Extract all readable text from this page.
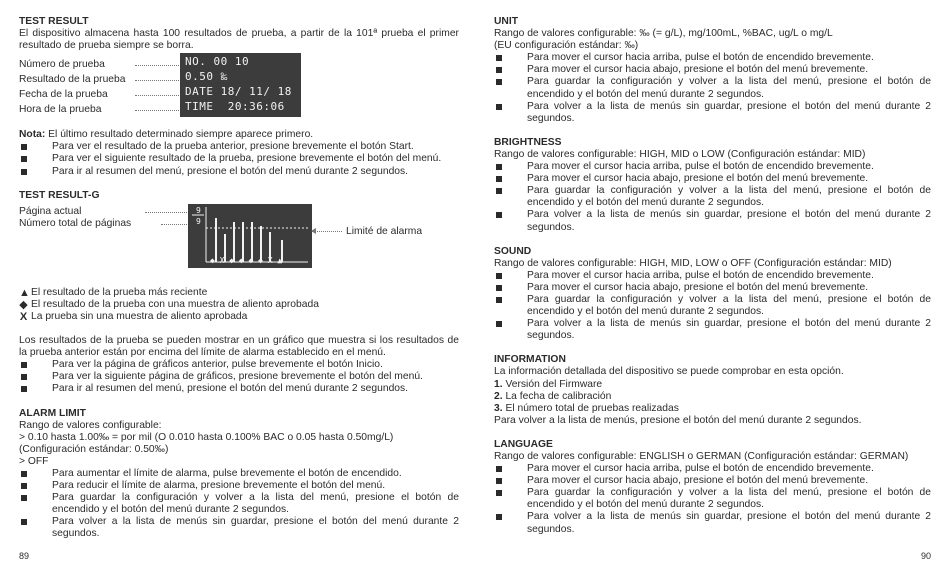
TEST RESULT

El dispositivo almacena hasta 100 resultados de prueba, a partir de la 101ª prueba el primer resultado de prueba siempre se borra.

Número de prueba
Resultado de la prueba
Fecha de la prueba
Hora de la prueba
NO. 00 10
0.50 ‰
DATE 18/ 11/ 18
TIME  20:36:06

Nota: El último resultado determinado siempre aparece primero.

Para ver el resultado de la prueba anterior, presione brevemente el botón Start.
Para ver el siguiente resultado de la prueba, presione brevemente el botón del menú.
Para ir al resumen del menú, presione el botón del menú durante 2 segundos.
TEST RESULT-G
Página actual
Número total de páginas
9
9
◆ X ◆ ◆ ◆ ◆ X ▲
Limité de alarma
▲ El resultado de la prueba más reciente
◆ El resultado de la prueba con una muestra de aliento aprobada
X La prueba sin una muestra de aliento aprobada

Los resultados de la prueba se pueden mostrar en un gráfico que muestra si los resultados de la prueba anterior están por encima del límite de alarma establecido en el menú.

Para ver la página de gráficos anterior, pulse brevemente el botón Inicio.
Para ver la siguiente página de gráficos, presione brevemente el botón del menú.
Para ir al resumen del menú, presione el botón del menú durante 2 segundos.
ALARM LIMIT

Rango de valores configurable:

> 0.10 hasta 1.00‰ = por mil (O 0.010 hasta 0.100% BAC o 0.05 hasta 0.50mg/L)

(Configuración estándar: 0.50‰)

> OFF

Para aumentar el límite de alarma, pulse brevemente el botón de encendido.
Para reducir el límite de alarma, presione brevemente el botón del menú.
Para guardar la configuración y volver a la lista del menú, presione el botón de encendido y el botón del menú durante 2 segundos.
Para volver a la lista de menús sin guardar, presione el botón del menú durante 2 segundos.
UNIT

Rango de valores configurable: ‰ (= g/L), mg/100mL, %BAC, ug/L o mg/L

(EU configuración estándar: ‰)

Para mover el cursor hacia arriba, pulse el botón de encendido brevemente.
Para mover el cursor hacia abajo, presione el botón del menú brevemente.
Para guardar la configuración y volver a la lista del menú, presione el botón de encendido y el botón del menú durante 2 segundos.
Para volver a la lista de menús sin guardar, presione el botón del menú durante 2 segundos.
BRIGHTNESS

Rango de valores configurable: HIGH, MID o LOW (Configuración estándar: MID)

Para mover el cursor hacia arriba, pulse el botón de encendido brevemente.
Para mover el cursor hacia abajo, presione el botón del menú brevemente.
Para guardar la configuración y volver a la lista del menú, presione el botón de encendido y el botón del menú durante 2 segundos.
Para volver a la lista de menús sin guardar, presione el botón del menú durante 2 segundos.
SOUND

Rango de valores configurable: HIGH, MID, LOW o OFF (Configuración estándar: MID)

Para mover el cursor hacia arriba, pulse el botón de encendido brevemente.
Para mover el cursor hacia abajo, presione el botón del menú brevemente.
Para guardar la configuración y volver a la lista del menú, presione el botón de encendido y el botón del menú durante 2 segundos.
Para volver a la lista de menús sin guardar, presione el botón del menú durante 2 segundos.
INFORMATION

La información detallada del dispositivo se puede comprobar en esta opción.

1. Versión del Firmware

2. La fecha de calibración

3. El número total de pruebas realizadas

Para volver a la lista de menús, presione el botón del menú durante 2 segundos.

LANGUAGE

Rango de valores configurable: ENGLISH o GERMAN (Configuración estándar: GERMAN)

Para mover el cursor hacia arriba, pulse el botón de encendido brevemente.
Para mover el cursor hacia abajo, presione el botón del menú brevemente.
Para guardar la configuración y volver a la lista del menú, presione el botón de encendido y el botón del menú durante 2 segundos.
Para volver a la lista de menús sin guardar, presione el botón del menú durante 2 segundos.
89	90
